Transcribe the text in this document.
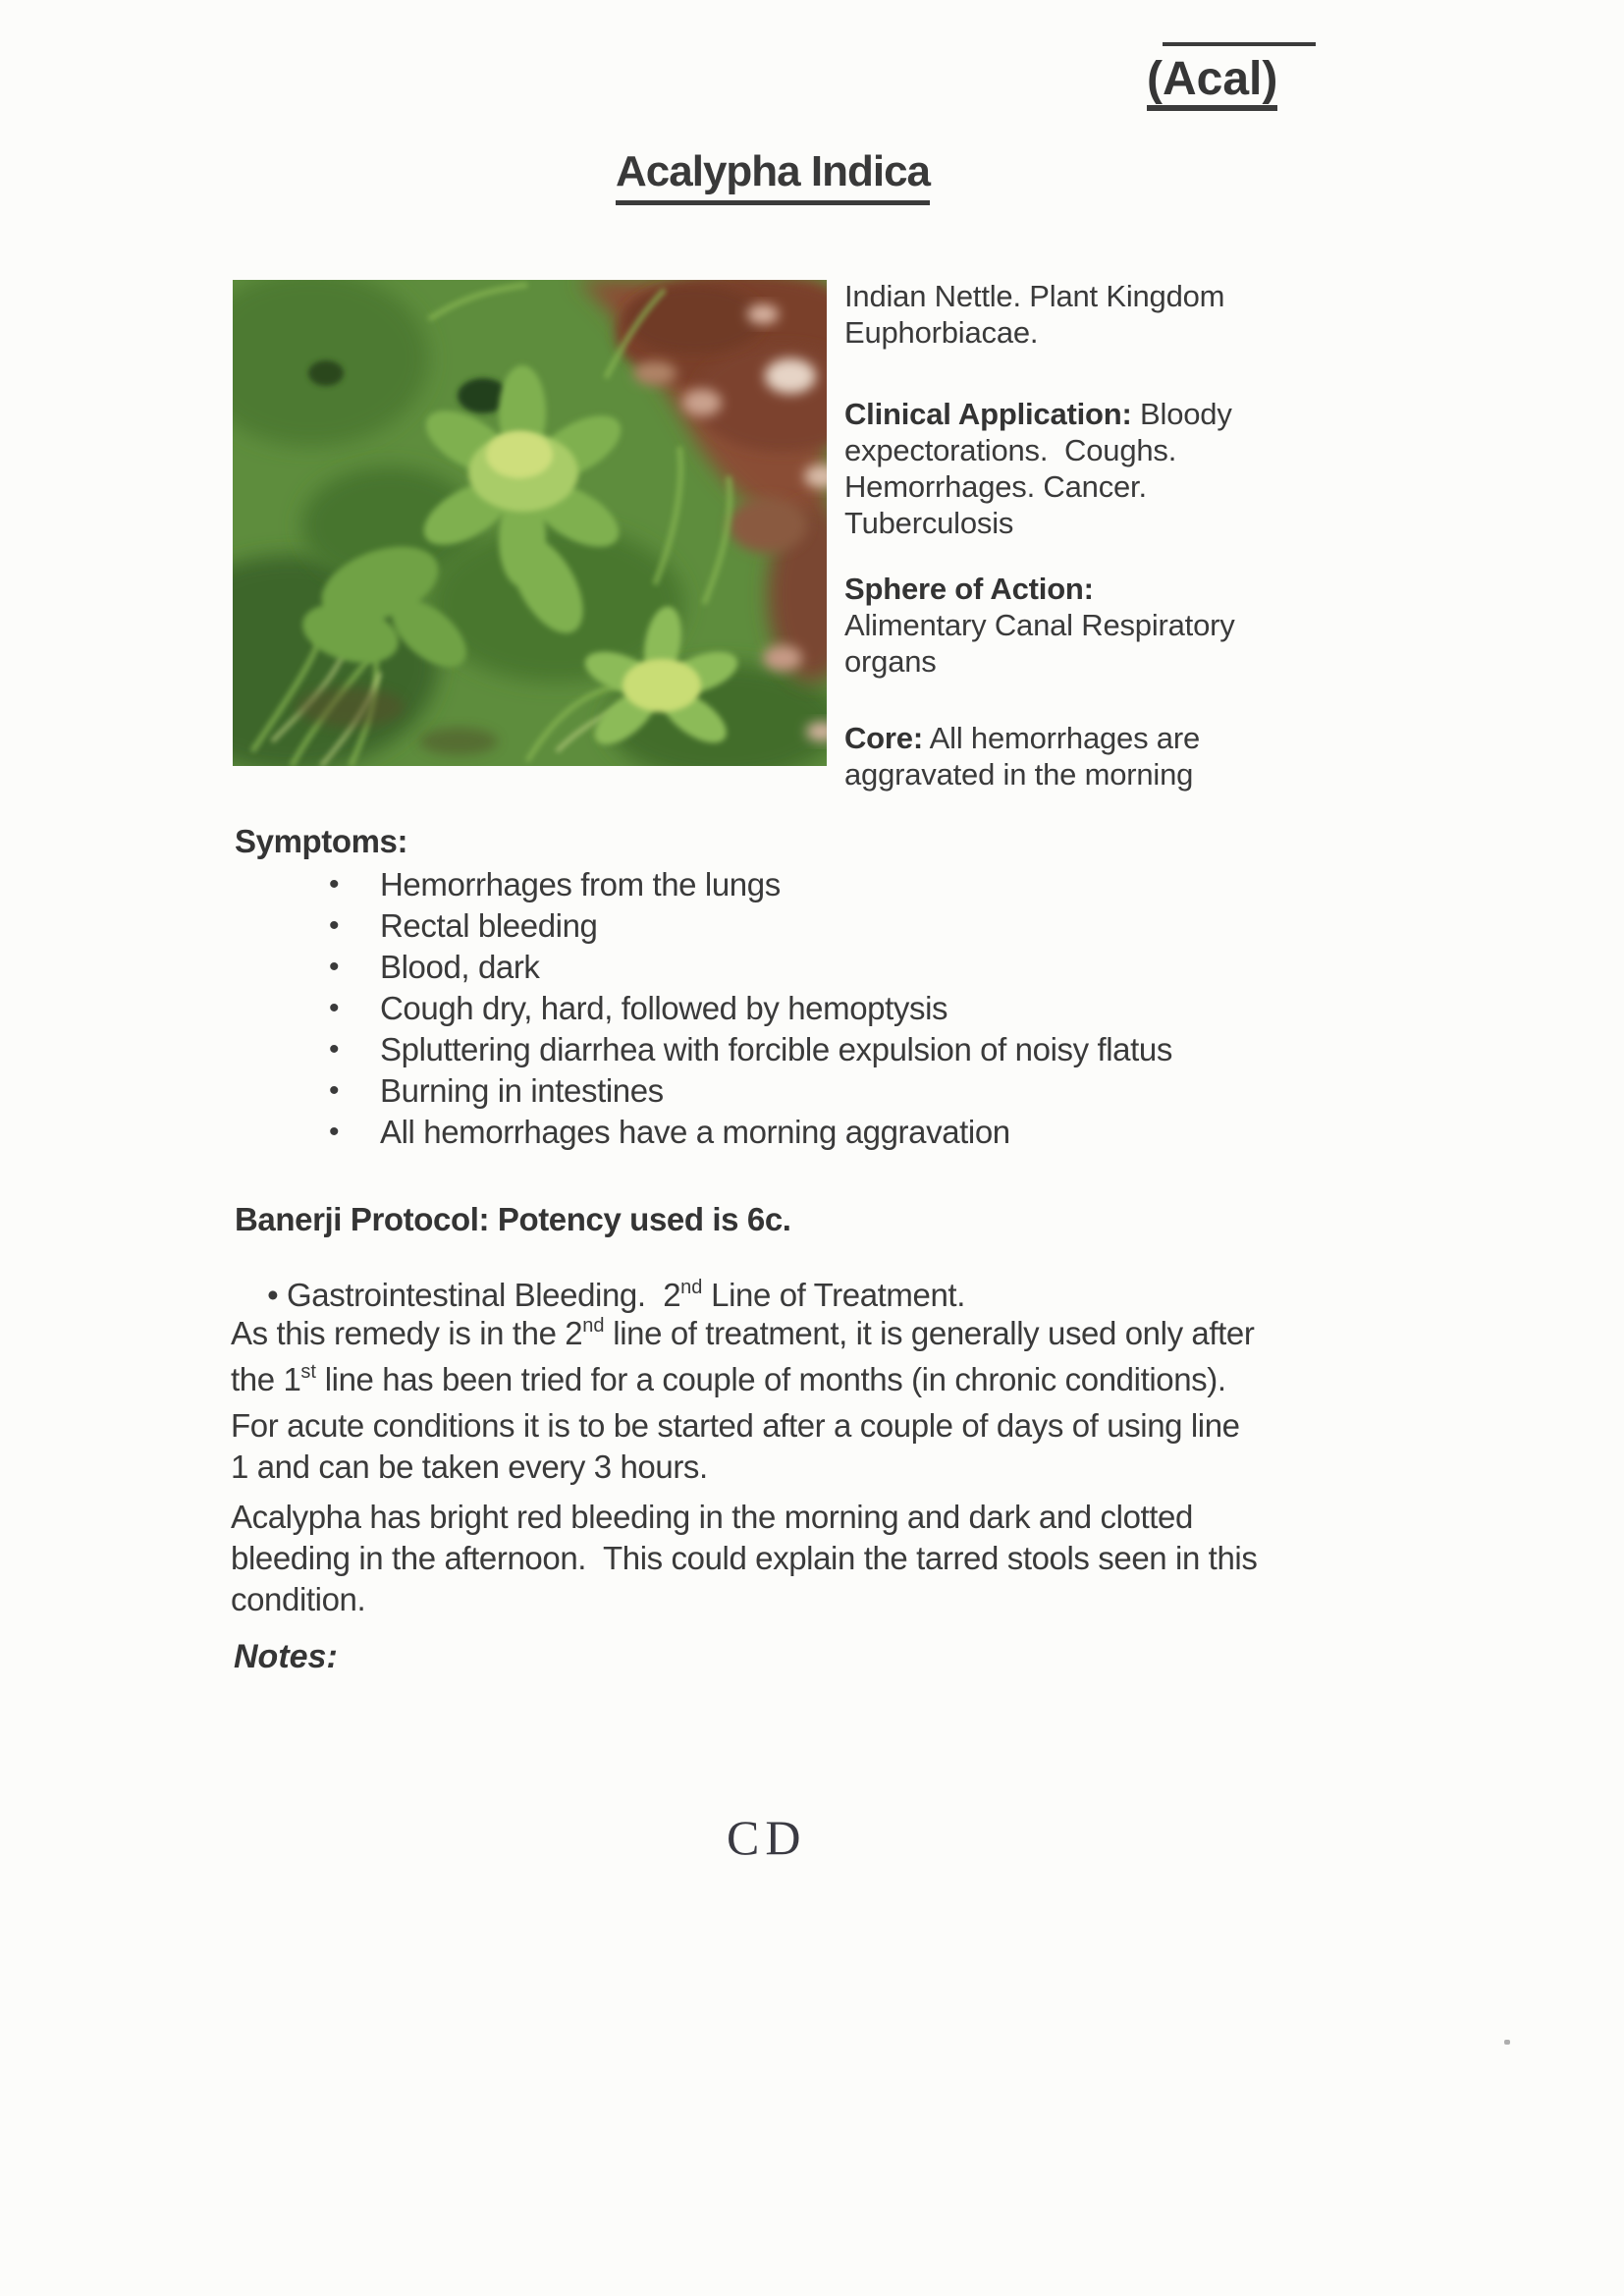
(Acal)
Acalypha Indica
Indian Nettle. Plant Kingdom
Euphorbiacae.
Clinical Application: Bloody
expectorations.  Coughs.
Hemorrhages. Cancer.
Tuberculosis
Sphere of Action:
Alimentary Canal Respiratory
organs
Core: All hemorrhages are
aggravated in the morning
Symptoms:
• Hemorrhages from the lungs
• Rectal bleeding
• Blood, dark
• Cough dry, hard, followed by hemoptysis
• Spluttering diarrhea with forcible expulsion of noisy flatus
• Burning in intestines
• All hemorrhages have a morning aggravation
Banerji Protocol: Potency used is 6c.

• Gastrointestinal Bleeding.  2nd Line of Treatment.

As this remedy is in the 2nd line of treatment, it is generally used only after
the 1st line has been tried for a couple of months (in chronic conditions).
For acute conditions it is to be started after a couple of days of using line
1 and can be taken every 3 hours.
Acalypha has bright red bleeding in the morning and dark and clotted
bleeding in the afternoon.  This could explain the tarred stools seen in this
condition.
Notes:
CD
